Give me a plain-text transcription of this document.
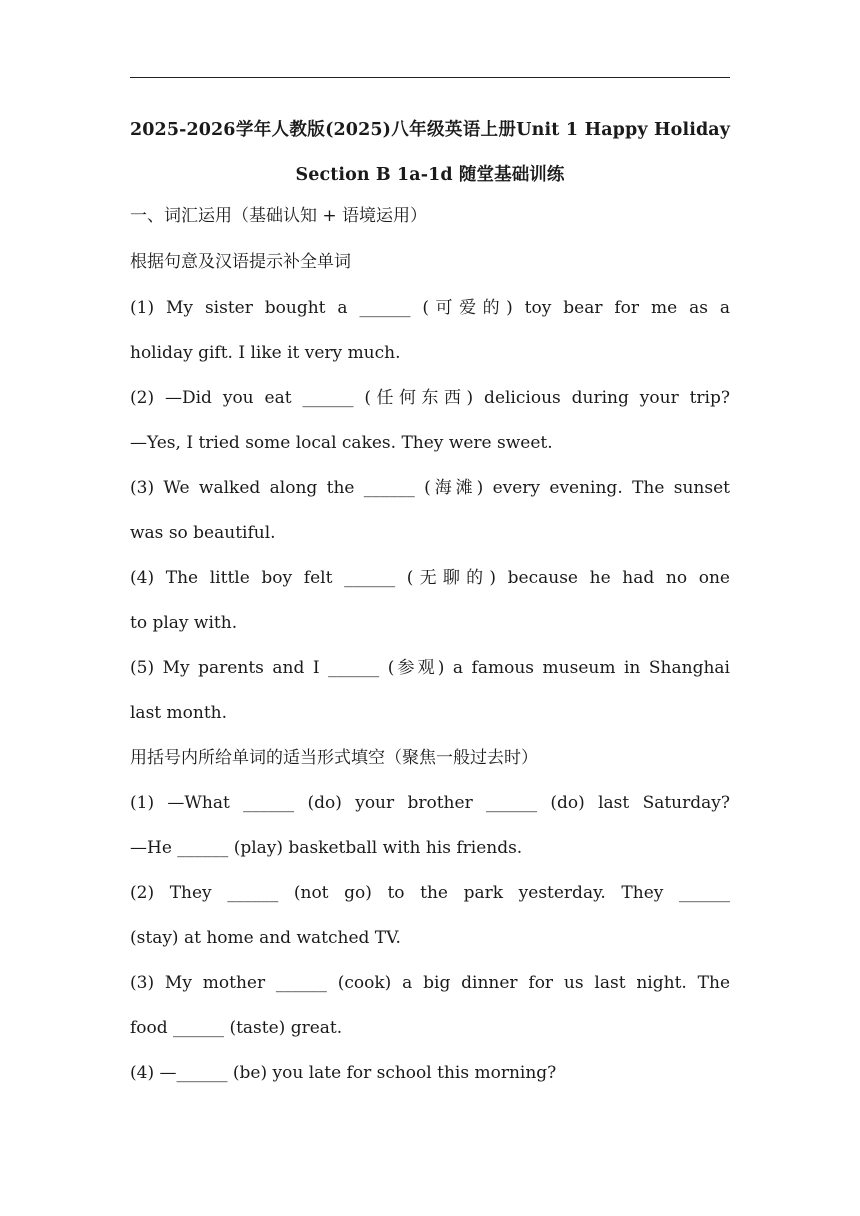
2025-2026学年人教版(2025)八年级英语上册Unit 1 Happy Holiday
Section B 1a-1d 随堂基础训练
一、词汇运用（基础认知 + 语境运用）
根据句意及汉语提示补全单词
(1) My sister bought a ______ (可爱的) toy bear for me as a
holiday gift. I like it very much.
(2) —Did you eat ______ (任何东西) delicious during your trip?
—Yes, I tried some local cakes. They were sweet.
(3) We walked along the ______ (海滩) every evening. The sunset
was so beautiful.
(4) The little boy felt ______ (无聊的) because he had no one
to play with.
(5) My parents and I ______ (参观) a famous museum in Shanghai
last month.
用括号内所给单词的适当形式填空（聚焦一般过去时）
(1) —What ______ (do) your brother ______ (do) last Saturday?
—He ______ (play) basketball with his friends.
(2) They ______ (not go) to the park yesterday. They ______
(stay) at home and watched TV.
(3) My mother ______ (cook) a big dinner for us last night. The
food ______ (taste) great.
(4) —______ (be) you late for school this morning?
